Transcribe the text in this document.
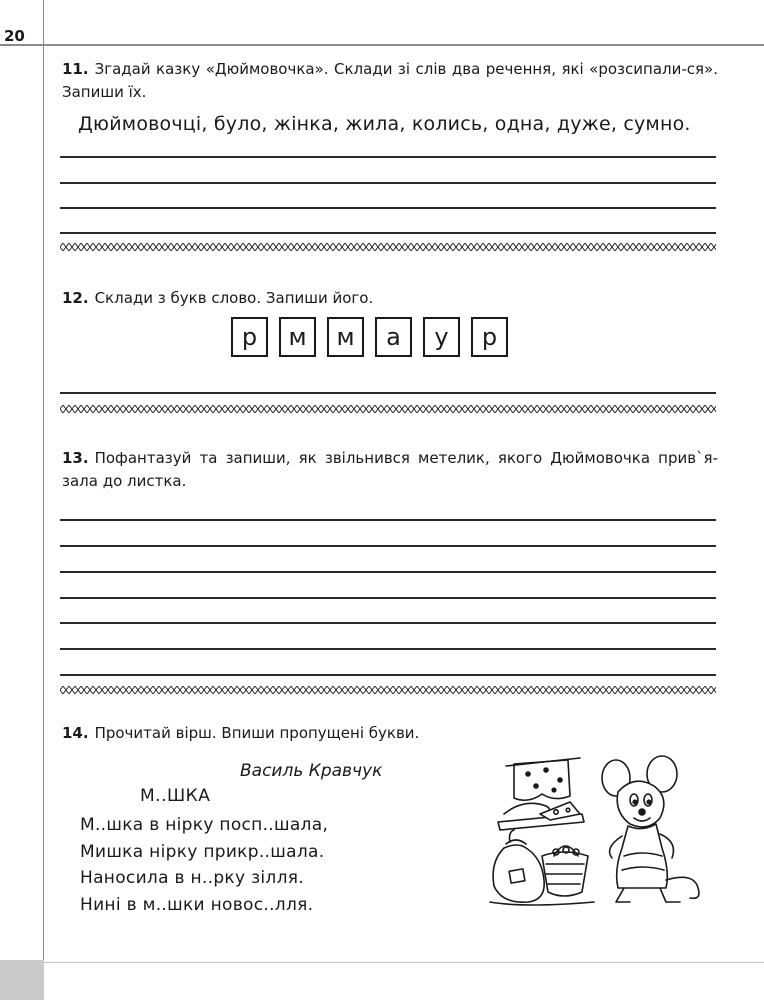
20

11. Згадай казку «Дюймовочка». Склади зі слів два речення, які «розсипали-ся». Запиши їх.

Дюймовочці, було, жінка, жила, колись, одна, дуже, сумно.

12. Склади з букв слово. Запиши його.

р	м	м	а	у	р

13. Пофантазуй та запиши, як звільнився метелик, якого Дюймовочка прив`я-зала до листка.

14. Прочитай вірш. Впиши пропущені букви.

Василь Кравчук
М..ШКА
М..шка в нірку посп..шала,
Мишка нірку прикр..шала.
Наносила в н..рку зілля.
Нині в м..шки новос..лля.
